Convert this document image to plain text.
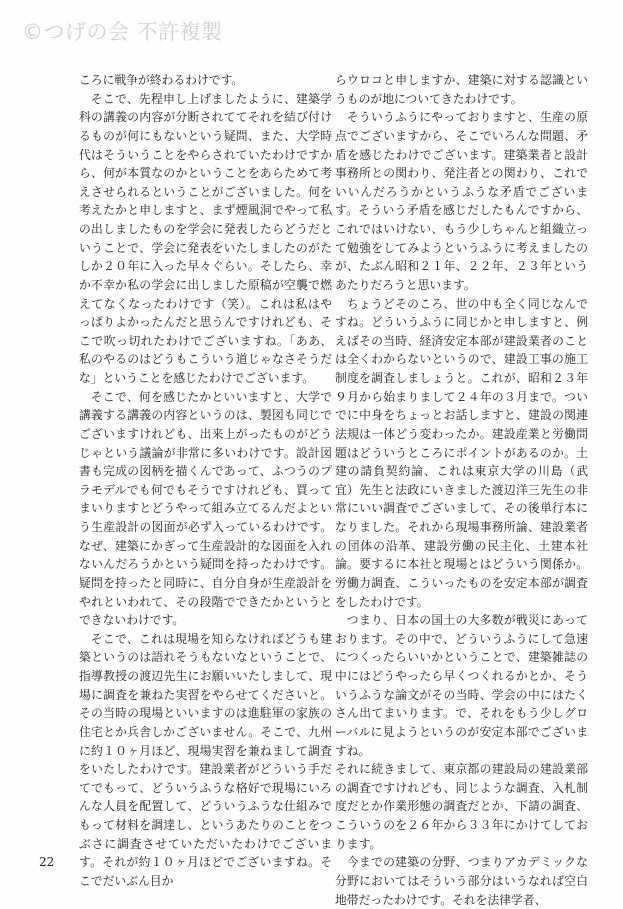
©つげの会 不許複製

ころに戦争が終わるわけです。

そこで、先程申し上げましたように、建築学科の講義の内容が分断されててそれを結び付けるものが何にもないという疑問、また、大学時代はそういうことをやらされていたわけですから、何が本質なのかということをあらためて考えさせられるということがございました。何を考えたかと申しますと、まず煙風洞でやって私の出しましたものを学会に発表したらどうだということで、学会に発表をいたしましたのがたしか２０年に入った早々ぐらい。そしたら、幸か不幸か私の学会に出しました原稿が空襲で燃えてなくなったわけです（笑）。これは私はやっぱりよかったんだと思うんですけれども、そこで吹っ切れたわけでございますね。「ああ、私のやるのはどうもこういう道じゃなさそうだな」ということを感じたわけでございます。

そこで、何を感じたかといいますと、大学で講義する講義の内容というのは、製図も同じでございますけれども、出来上がったものがどうじゃという議論が非常に多いわけです。設計図書も完成の図柄を描くんであって、ふつうのプラモデルでも何でもそうですけれども、買ってまいりますとどうやって組み立てるんだよという生産設計の図面が必ず入っているわけです。なぜ、建築にかぎって生産設計的な図面を入れないんだろうかという疑問を持ったわけです。疑問を持ったと同時に、自分自身が生産設計をやれといわれて、その段階でできたかというとできないわけです。

そこで、これは現場を知らなければどうも建築というのは語れそうもないなということで、指導教授の渡辺先生にお願いいたしまして、現場に調査を兼ねた実習をやらせてくださいと。その当時の現場といいますのは進駐軍の家族の住宅とか兵舎しかございません。そこで、九州に約１０ヶ月ほど、現場実習を兼ねまして調査をいたしたわけです。建設業者がどういう手だてでもって、どういうふうな格好で現場にいろんな人員を配置して、どういうふうな仕組みでもって材料を調達し、というあたりのことをつぶさに調査させていただいたわけでございます。それが約１０ヶ月ほどでございますね。そこでだいぶん目か

らウロコと申しますか、建築に対する認識というものが地についてきたわけです。

そういうふうにやっておりますと、生産の原点でございますから、そこでいろんな問題、矛盾を感じたわけでございます。建築業者と設計事務所との関わり、発注者との関わり、これでいいんだろうかというふうな矛盾でございます。そういう矛盾を感じだしたもんですから、これではいけない、もう少しちゃんと組織立って勉強をしてみようというふうに考えましたのが、たぶん昭和２１年、２２年、２３年というあたりだろうと思います。

ちょうどそのころ、世の中も全く同じなんですね。どういうふうに同じかと申しますと、例えばその当時、経済安定本部が建設業者のことは全くわからないというので、建設工事の施工制度を調査しましょうと。これが、昭和２３年９月から始まりまして２４年の３月まで。ついでに中身をちょっとお話しますと、建設の関連法規は一体どう変わったか。建設産業と労働問題はどういうところにポイントがあるのか。土建の請負契約論、これは東京大学の川島（武宜）先生と法政にいきました渡辺洋三先生の非常にいい調査でございまして、その後単行本になりました。それから現場事務所論、建設業者の団体の沿革、建設労働の民主化、土建本社論。要するに本社と現場とはどういう関係か。労働力調査、こういったものを安定本部が調査をしたわけです。

つまり、日本の国土の大多数が戦災にあっております。その中で、どういうふうにして急速につくったらいいかということで、建築雑誌の中にはどうやったら早くつくれるかとか、そういうふうな論文がその当時、学会の中にはたくさん出てまいります。で、それをもう少しグローバルに見ようというのが安定本部でございますね。

それに続きまして、東京都の建設局の建設業部の調査ですけれども、同じような調査、入札制度だとか作業形態の調査だとか、下請の調査、こういうのを２６年から３３年にかけてしております。

今までの建築の分野、つまりアカデミックな分野においてはそういう部分はいうなれば空白地帯だったわけです。それを法律学者、

22
